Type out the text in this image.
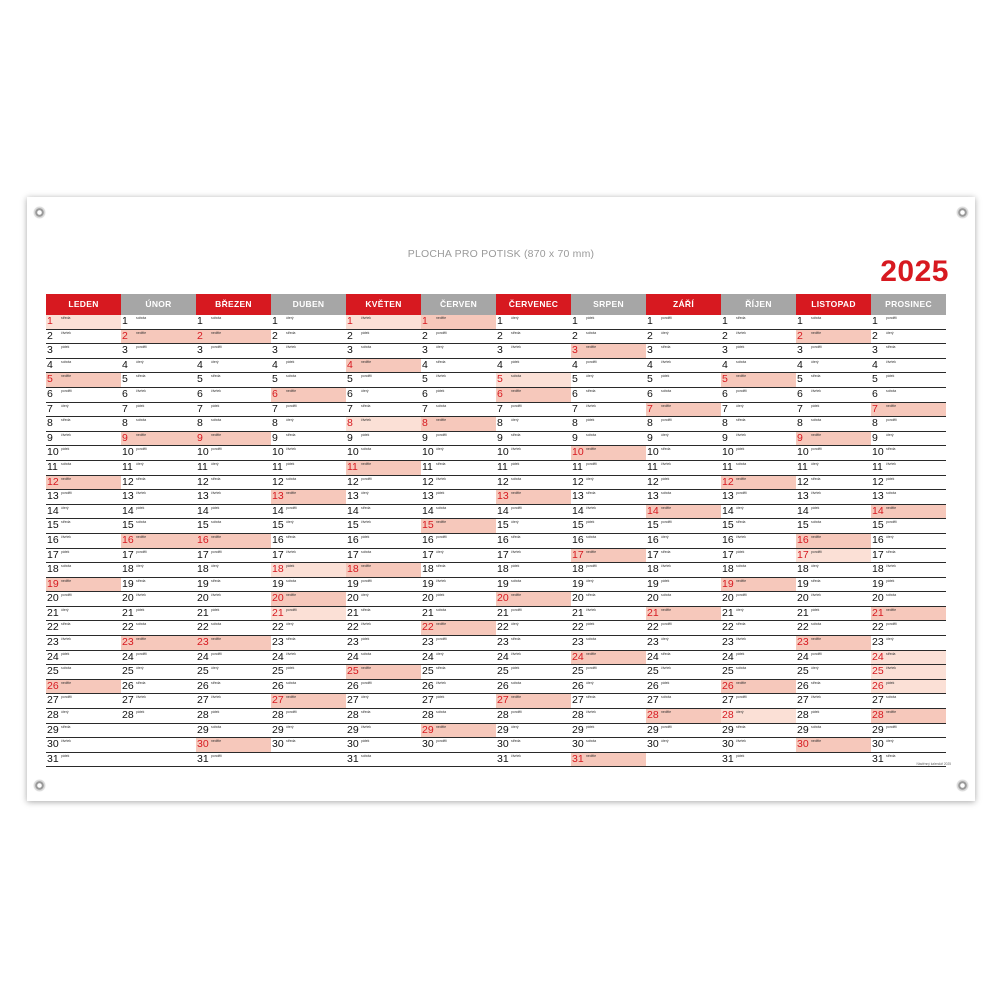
PLOCHA PRO POTISK (870 x 70 mm)
2025
LEDEN
1 středa
2 čtvrtek
3 pátek
4 sobota
5 neděle
6 pondělí
7 úterý
8 středa
9 čtvrtek
10 pátek
11 sobota
12 neděle
13 pondělí
14 úterý
15 středa
16 čtvrtek
17 pátek
18 sobota
19 neděle
20 pondělí
21 úterý
22 středa
23 čtvrtek
24 pátek
25 sobota
26 neděle
27 pondělí
28 úterý
29 středa
30 čtvrtek
31 pátek
ÚNOR
1 sobota
2 neděle
3 pondělí
4 úterý
5 středa
6 čtvrtek
7 pátek
8 sobota
9 neděle
10 pondělí
11 úterý
12 středa
13 čtvrtek
14 pátek
15 sobota
16 neděle
17 pondělí
18 úterý
19 středa
20 čtvrtek
21 pátek
22 sobota
23 neděle
24 pondělí
25 úterý
26 středa
27 čtvrtek
28 pátek
BŘEZEN
1 sobota
2 neděle
3 pondělí
4 úterý
5 středa
6 čtvrtek
7 pátek
8 sobota
9 neděle
10 pondělí
11 úterý
12 středa
13 čtvrtek
14 pátek
15 sobota
16 neděle
17 pondělí
18 úterý
19 středa
20 čtvrtek
21 pátek
22 sobota
23 neděle
24 pondělí
25 úterý
26 středa
27 čtvrtek
28 pátek
29 sobota
30 neděle
31 pondělí
DUBEN
1 úterý
2 středa
3 čtvrtek
4 pátek
5 sobota
6 neděle
7 pondělí
8 úterý
9 středa
10 čtvrtek
11 pátek
12 sobota
13 neděle
14 pondělí
15 úterý
16 středa
17 čtvrtek
18 pátek
19 sobota
20 neděle
21 pondělí
22 úterý
23 středa
24 čtvrtek
25 pátek
26 sobota
27 neděle
28 pondělí
29 úterý
30 středa
KVĚTEN
1 čtvrtek
2 pátek
3 sobota
4 neděle
5 pondělí
6 úterý
7 středa
8 čtvrtek
9 pátek
10 sobota
11 neděle
12 pondělí
13 úterý
14 středa
15 čtvrtek
16 pátek
17 sobota
18 neděle
19 pondělí
20 úterý
21 středa
22 čtvrtek
23 pátek
24 sobota
25 neděle
26 pondělí
27 úterý
28 středa
29 čtvrtek
30 pátek
31 sobota
ČERVEN
1 neděle
2 pondělí
3 úterý
4 středa
5 čtvrtek
6 pátek
7 sobota
8 neděle
9 pondělí
10 úterý
11 středa
12 čtvrtek
13 pátek
14 sobota
15 neděle
16 pondělí
17 úterý
18 středa
19 čtvrtek
20 pátek
21 sobota
22 neděle
23 pondělí
24 úterý
25 středa
26 čtvrtek
27 pátek
28 sobota
29 neděle
30 pondělí
ČERVENEC
1 úterý
2 středa
3 čtvrtek
4 pátek
5 sobota
6 neděle
7 pondělí
8 úterý
9 středa
10 čtvrtek
11 pátek
12 sobota
13 neděle
14 pondělí
15 úterý
16 středa
17 čtvrtek
18 pátek
19 sobota
20 neděle
21 pondělí
22 úterý
23 středa
24 čtvrtek
25 pátek
26 sobota
27 neděle
28 pondělí
29 úterý
30 středa
31 čtvrtek
SRPEN
1 pátek
2 sobota
3 neděle
4 pondělí
5 úterý
6 středa
7 čtvrtek
8 pátek
9 sobota
10 neděle
11 pondělí
12 úterý
13 středa
14 čtvrtek
15 pátek
16 sobota
17 neděle
18 pondělí
19 úterý
20 středa
21 čtvrtek
22 pátek
23 sobota
24 neděle
25 pondělí
26 úterý
27 středa
28 čtvrtek
29 pátek
30 sobota
31 neděle
ZÁŘÍ
1 pondělí
2 úterý
3 středa
4 čtvrtek
5 pátek
6 sobota
7 neděle
8 pondělí
9 úterý
10 středa
11 čtvrtek
12 pátek
13 sobota
14 neděle
15 pondělí
16 úterý
17 středa
18 čtvrtek
19 pátek
20 sobota
21 neděle
22 pondělí
23 úterý
24 středa
25 čtvrtek
26 pátek
27 sobota
28 neděle
29 pondělí
30 úterý
ŘÍJEN
1 středa
2 čtvrtek
3 pátek
4 sobota
5 neděle
6 pondělí
7 úterý
8 středa
9 čtvrtek
10 pátek
11 sobota
12 neděle
13 pondělí
14 úterý
15 středa
16 čtvrtek
17 pátek
18 sobota
19 neděle
20 pondělí
21 úterý
22 středa
23 čtvrtek
24 pátek
25 sobota
26 neděle
27 pondělí
28 úterý
29 středa
30 čtvrtek
31 pátek
LISTOPAD
1 sobota
2 neděle
3 pondělí
4 úterý
5 středa
6 čtvrtek
7 pátek
8 sobota
9 neděle
10 pondělí
11 úterý
12 středa
13 čtvrtek
14 pátek
15 sobota
16 neděle
17 pondělí
18 úterý
19 středa
20 čtvrtek
21 pátek
22 sobota
23 neděle
24 pondělí
25 úterý
26 středa
27 čtvrtek
28 pátek
29 sobota
30 neděle
PROSINEC
1 pondělí
2 úterý
3 středa
4 čtvrtek
5 pátek
6 sobota
7 neděle
8 pondělí
9 úterý
10 středa
11 čtvrtek
12 pátek
13 sobota
14 neděle
15 pondělí
16 úterý
17 středa
18 čtvrtek
19 pátek
20 sobota
21 neděle
22 pondělí
23 úterý
24 středa
25 čtvrtek
26 pátek
27 sobota
28 neděle
29 pondělí
30 úterý
31 středa
Nástěnný kalendář 2025
